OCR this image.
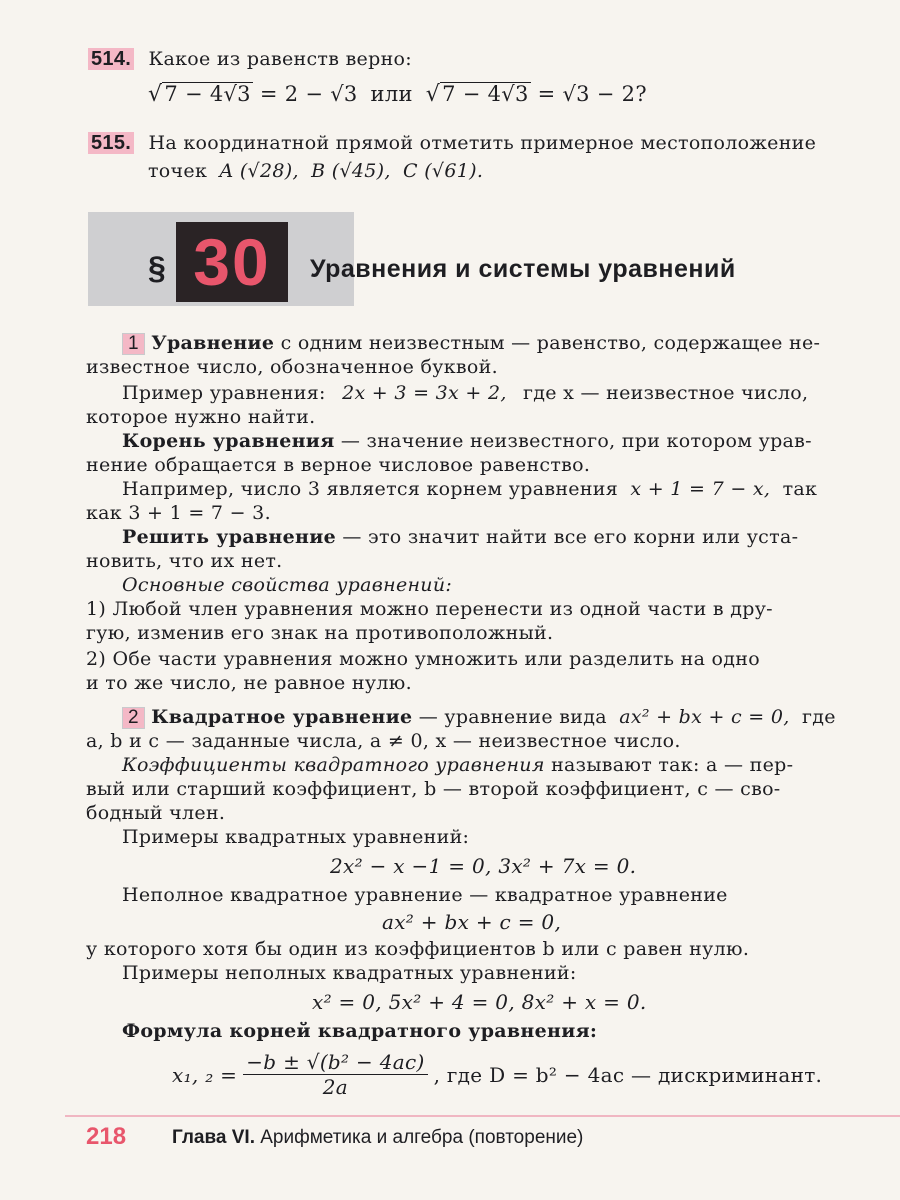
514. Какое из равенств верно:
√7 − 4√3 = 2 − √3 или √7 − 4√3 = √3 − 2?
515. На координатной прямой отметить примерное местоположение
точек A (√28), B (√45), C (√61).
§ 30	Уравнения и системы уравнений
1 Уравнение с одним неизвестным — равенство, содержащее не-
известное число, обозначенное буквой.
Пример уравнения: 2x + 3 = 3x + 2, где x — неизвестное число,
которое нужно найти.
Корень уравнения — значение неизвестного, при котором урав-
нение обращается в верное числовое равенство.
Например, число 3 является корнем уравнения x + 1 = 7 − x, так
как 3 + 1 = 7 − 3.
Решить уравнение — это значит найти все его корни или уста-
новить, что их нет.
Основные свойства уравнений:
1) Любой член уравнения можно перенести из одной части в дру-
гую, изменив его знак на противоположный.
2) Обе части уравнения можно умножить или разделить на одно
и то же число, не равное нулю.
2 Квадратное уравнение — уравнение вида ax² + bx + c = 0, где
a, b и c — заданные числа, a ≠ 0, x — неизвестное число.
Коэффициенты квадратного уравнения называют так: a — пер-
вый или старший коэффициент, b — второй коэффициент, c — сво-
бодный член.
Примеры квадратных уравнений:
2x² − x −1 = 0, 3x² + 7x = 0.
Неполное квадратное уравнение — квадратное уравнение
ax² + bx + c = 0,
у которого хотя бы один из коэффициентов b или c равен нулю.
Примеры неполных квадратных уравнений:
x² = 0, 5x² + 4 = 0, 8x² + x = 0.
Формула корней квадратного уравнения:
x₁, $_2 = \frac{\text{−b ± √(b² − 4ac)}}{2a}$ , где D = b² − 4ac — дискриминант.
218 Глава VI. Арифметика и алгебра (повторение)
